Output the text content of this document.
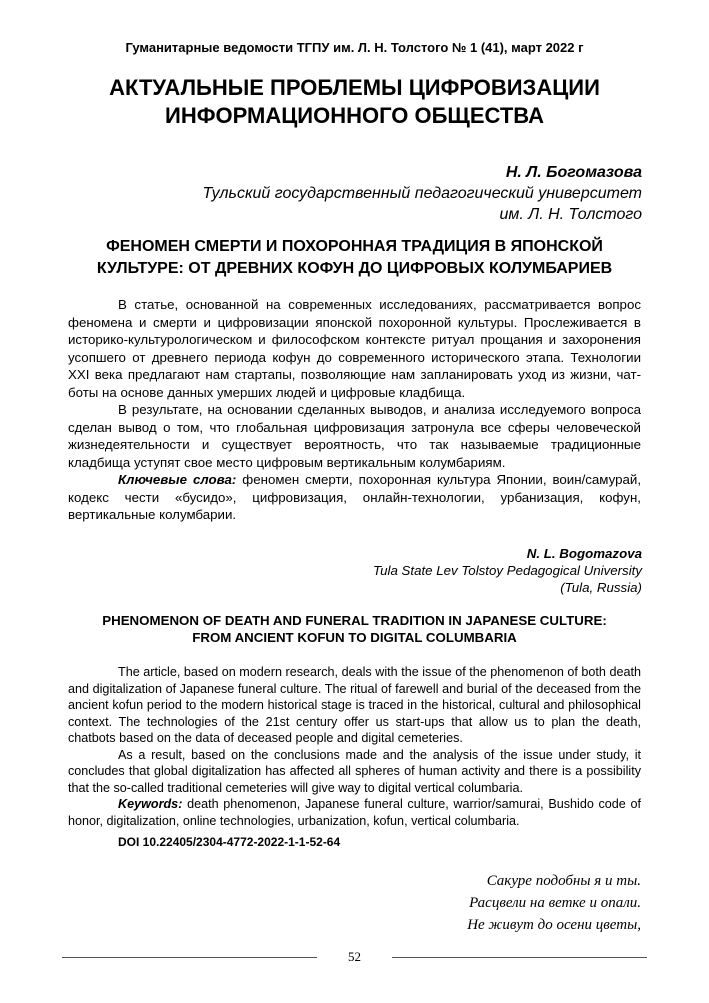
Гуманитарные ведомости ТГПУ им. Л. Н. Толстого № 1 (41), март 2022 г
АКТУАЛЬНЫЕ ПРОБЛЕМЫ ЦИФРОВИЗАЦИИ
ИНФОРМАЦИОННОГО ОБЩЕСТВА
Н. Л. Богомазова
Тульский государственный педагогический университет
им. Л. Н. Толстого
ФЕНОМЕН СМЕРТИ И ПОХОРОННАЯ ТРАДИЦИЯ В ЯПОНСКОЙ
КУЛЬТУРЕ: ОТ ДРЕВНИХ КОФУН ДО ЦИФРОВЫХ КОЛУМБАРИЕВ

В статье, основанной на современных исследованиях, рассматривается вопрос феномена и смерти и цифровизации японской похоронной культуры. Прослеживается в историко-культурологическом и философском контексте ритуал прощания и захоронения усопшего от древнего периода кофун до современного исторического этапа. Технологии XXI века предлагают нам стартапы, позволяющие нам запланировать уход из жизни, чат-боты на основе данных умерших людей и цифровые кладбища.

В результате, на основании сделанных выводов, и анализа исследуемого вопроса сделан вывод о том, что глобальная цифровизация затронула все сферы человеческой жизнедеятельности и существует вероятность, что так называемые традиционные кладбища уступят свое место цифровым вертикальным колумбариям.

Ключевые слова: феномен смерти, похоронная культура Японии, воин/самурай, кодекс чести «бусидо», цифровизация, онлайн-технологии, урбанизация, кофун, вертикальные колумбарии.

N. L. Bogomazova
Tula State Lev Tolstoy Pedagogical University
(Tula, Russia)
PHENOMENON OF DEATH AND FUNERAL TRADITION IN JAPANESE CULTURE:
FROM ANCIENT KOFUN TO DIGITAL COLUMBARIA

The article, based on modern research, deals with the issue of the phenomenon of both death and digitalization of Japanese funeral culture. The ritual of farewell and burial of the deceased from the ancient kofun period to the modern historical stage is traced in the historical, cultural and philosophical context. The technologies of the 21st century offer us start-ups that allow us to plan the death, chatbots based on the data of deceased people and digital cemeteries.

As a result, based on the conclusions made and the analysis of the issue under study, it concludes that global digitalization has affected all spheres of human activity and there is a possibility that the so-called traditional cemeteries will give way to digital vertical columbaria.

Keywords: death phenomenon, Japanese funeral culture, warrior/samurai, Bushido code of honor, digitalization, online technologies, urbanization, kofun, vertical columbaria.

DOI 10.22405/2304-4772-2022-1-1-52-64
Сакуре подобны я и ты.
Расцвели на ветке и опали.
Не живут до осени цветы,
52
